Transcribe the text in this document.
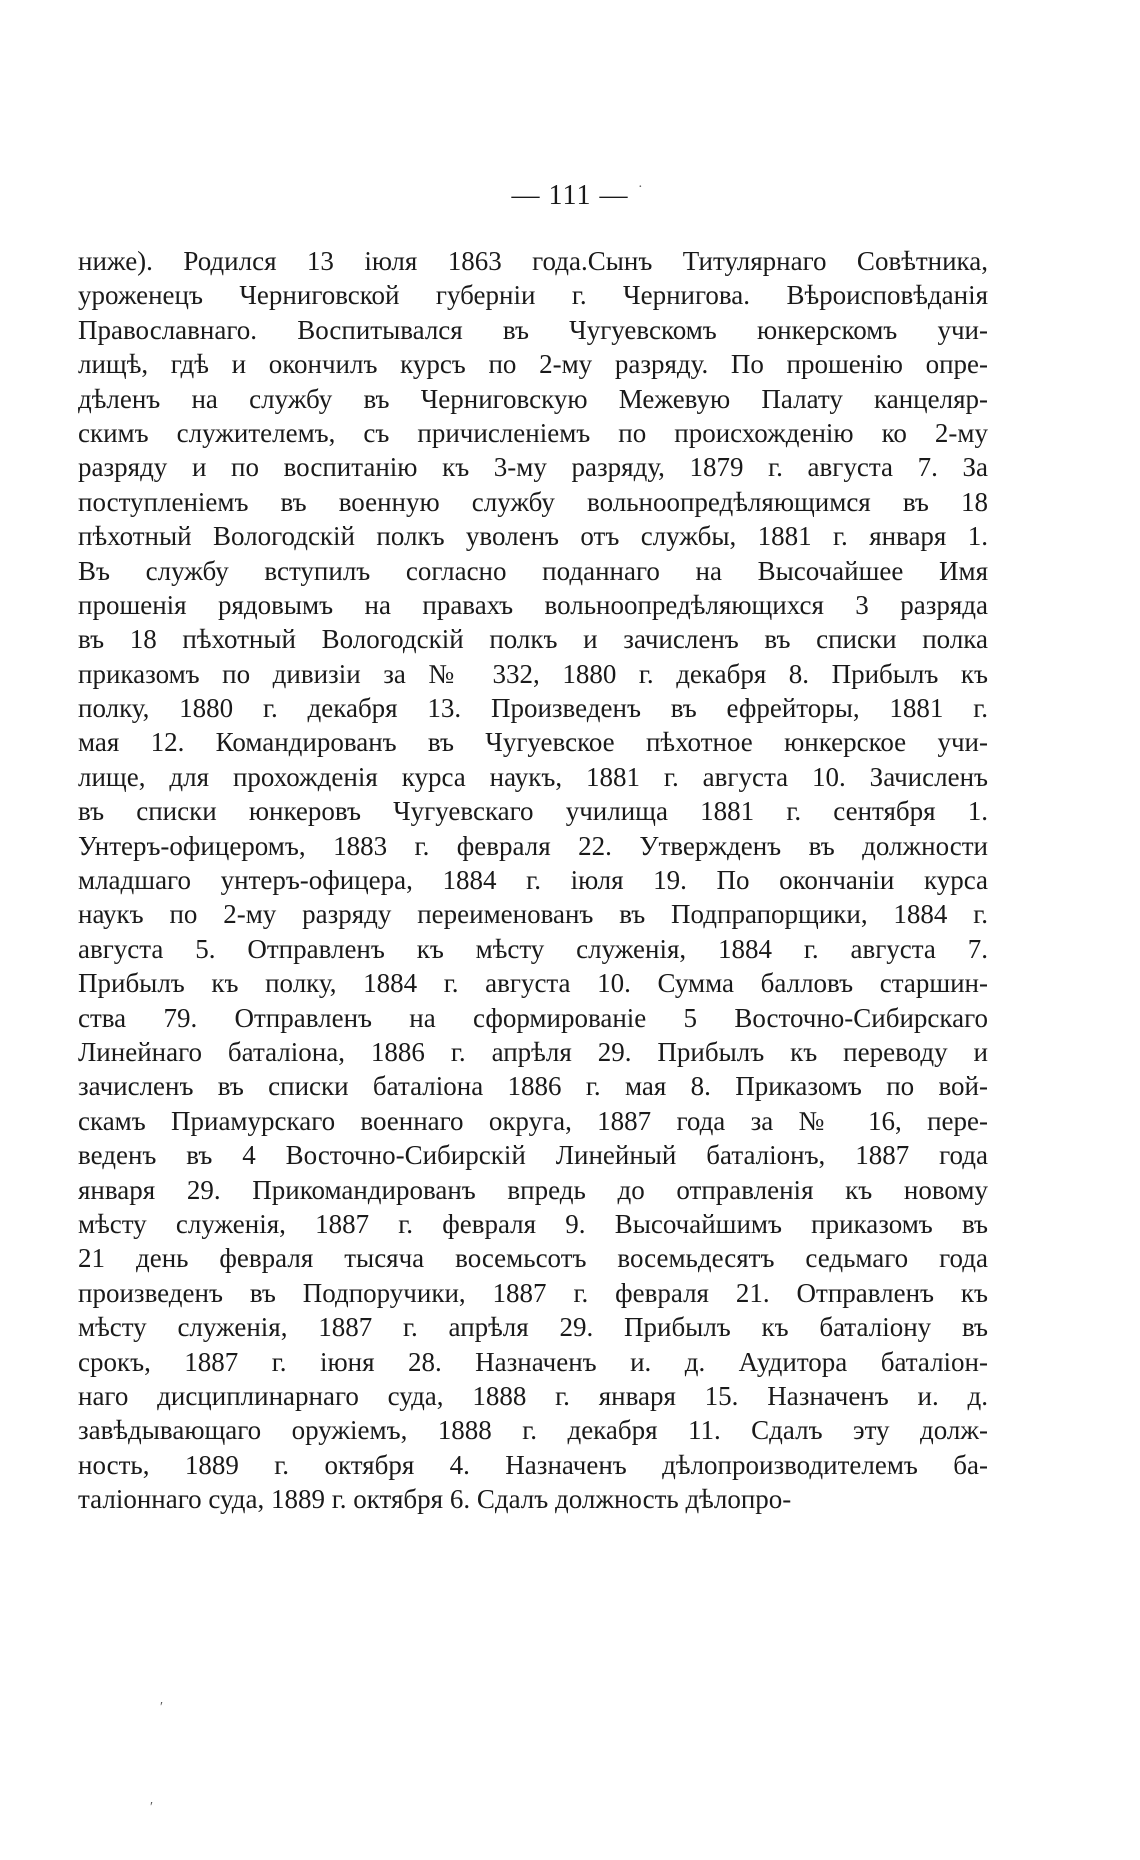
— 111 —
ниже). Родился 13 іюля 1863 года.Сынъ Титулярнаго Совѣтника,
уроженецъ Черниговской губерніи г. Чернигова. Вѣроисповѣданія
Православнаго. Воспитывался въ Чугуевскомъ юнкерскомъ учи-
лищѣ, гдѣ и окончилъ курсъ по 2-му разряду. По прошенію опре-
дѣленъ на службу въ Черниговскую Межевую Палату канцеляр-
скимъ служителемъ, съ причисленіемъ по происхожденію ко 2-му
разряду и по воспитанію къ 3-му разряду, 1879 г. августа 7. За
поступленіемъ въ военную службу вольноопредѣляющимся въ 18
пѣхотный Вологодскій полкъ уволенъ отъ службы, 1881 г. января 1.
Въ службу вступилъ согласно поданнаго на Высочайшее Имя
прошенія рядовымъ на правахъ вольноопредѣляющихся 3 разряда
въ 18 пѣхотный Вологодскій полкъ и зачисленъ въ списки полка
приказомъ по дивизіи за № 332, 1880 г. декабря 8. Прибылъ къ
полку, 1880 г. декабря 13. Произведенъ въ ефрейторы, 1881 г.
мая 12. Командированъ въ Чугуевское пѣхотное юнкерское учи-
лище, для прохожденія курса наукъ, 1881 г. августа 10. Зачисленъ
въ списки юнкеровъ Чугуевскаго училища 1881 г. сентября 1.
Унтеръ-офицеромъ, 1883 г. февраля 22. Утвержденъ въ должности
младшаго унтеръ-офицера, 1884 г. іюля 19. По окончаніи курса
наукъ по 2-му разряду переименованъ въ Подпрапорщики, 1884 г.
августа 5. Отправленъ къ мѣсту служенія, 1884 г. августа 7.
Прибылъ къ полку, 1884 г. августа 10. Сумма балловъ старшин-
ства 79. Отправленъ на сформированіе 5 Восточно-Сибирскаго
Линейнаго баталіона, 1886 г. апрѣля 29. Прибылъ къ переводу и
зачисленъ въ списки баталіона 1886 г. мая 8. Приказомъ по вой-
скамъ Приамурскаго военнаго округа, 1887 года за № 16, пере-
веденъ въ 4 Восточно-Сибирскій Линейный баталіонъ, 1887 года
января 29. Прикомандированъ впредь до отправленія къ новому
мѣсту служенія, 1887 г. февраля 9. Высочайшимъ приказомъ въ
21 день февраля тысяча восемьсотъ восемьдесятъ седьмаго года
произведенъ въ Подпоручики, 1887 г. февраля 21. Отправленъ къ
мѣсту служенія, 1887 г. апрѣля 29. Прибылъ къ баталіону въ
срокъ, 1887 г. іюня 28. Назначенъ и. д. Аудитора баталіон-
наго дисциплинарнаго суда, 1888 г. января 15. Назначенъ и. д.
завѣдывающаго оружіемъ, 1888 г. декабря 11. Сдалъ эту долж-
ность, 1889 г. октября 4. Назначенъ дѣлопроизводителемъ ба-
таліоннаго суда, 1889 г. октября 6. Сдалъ должность дѣлопро-
·
′
′
